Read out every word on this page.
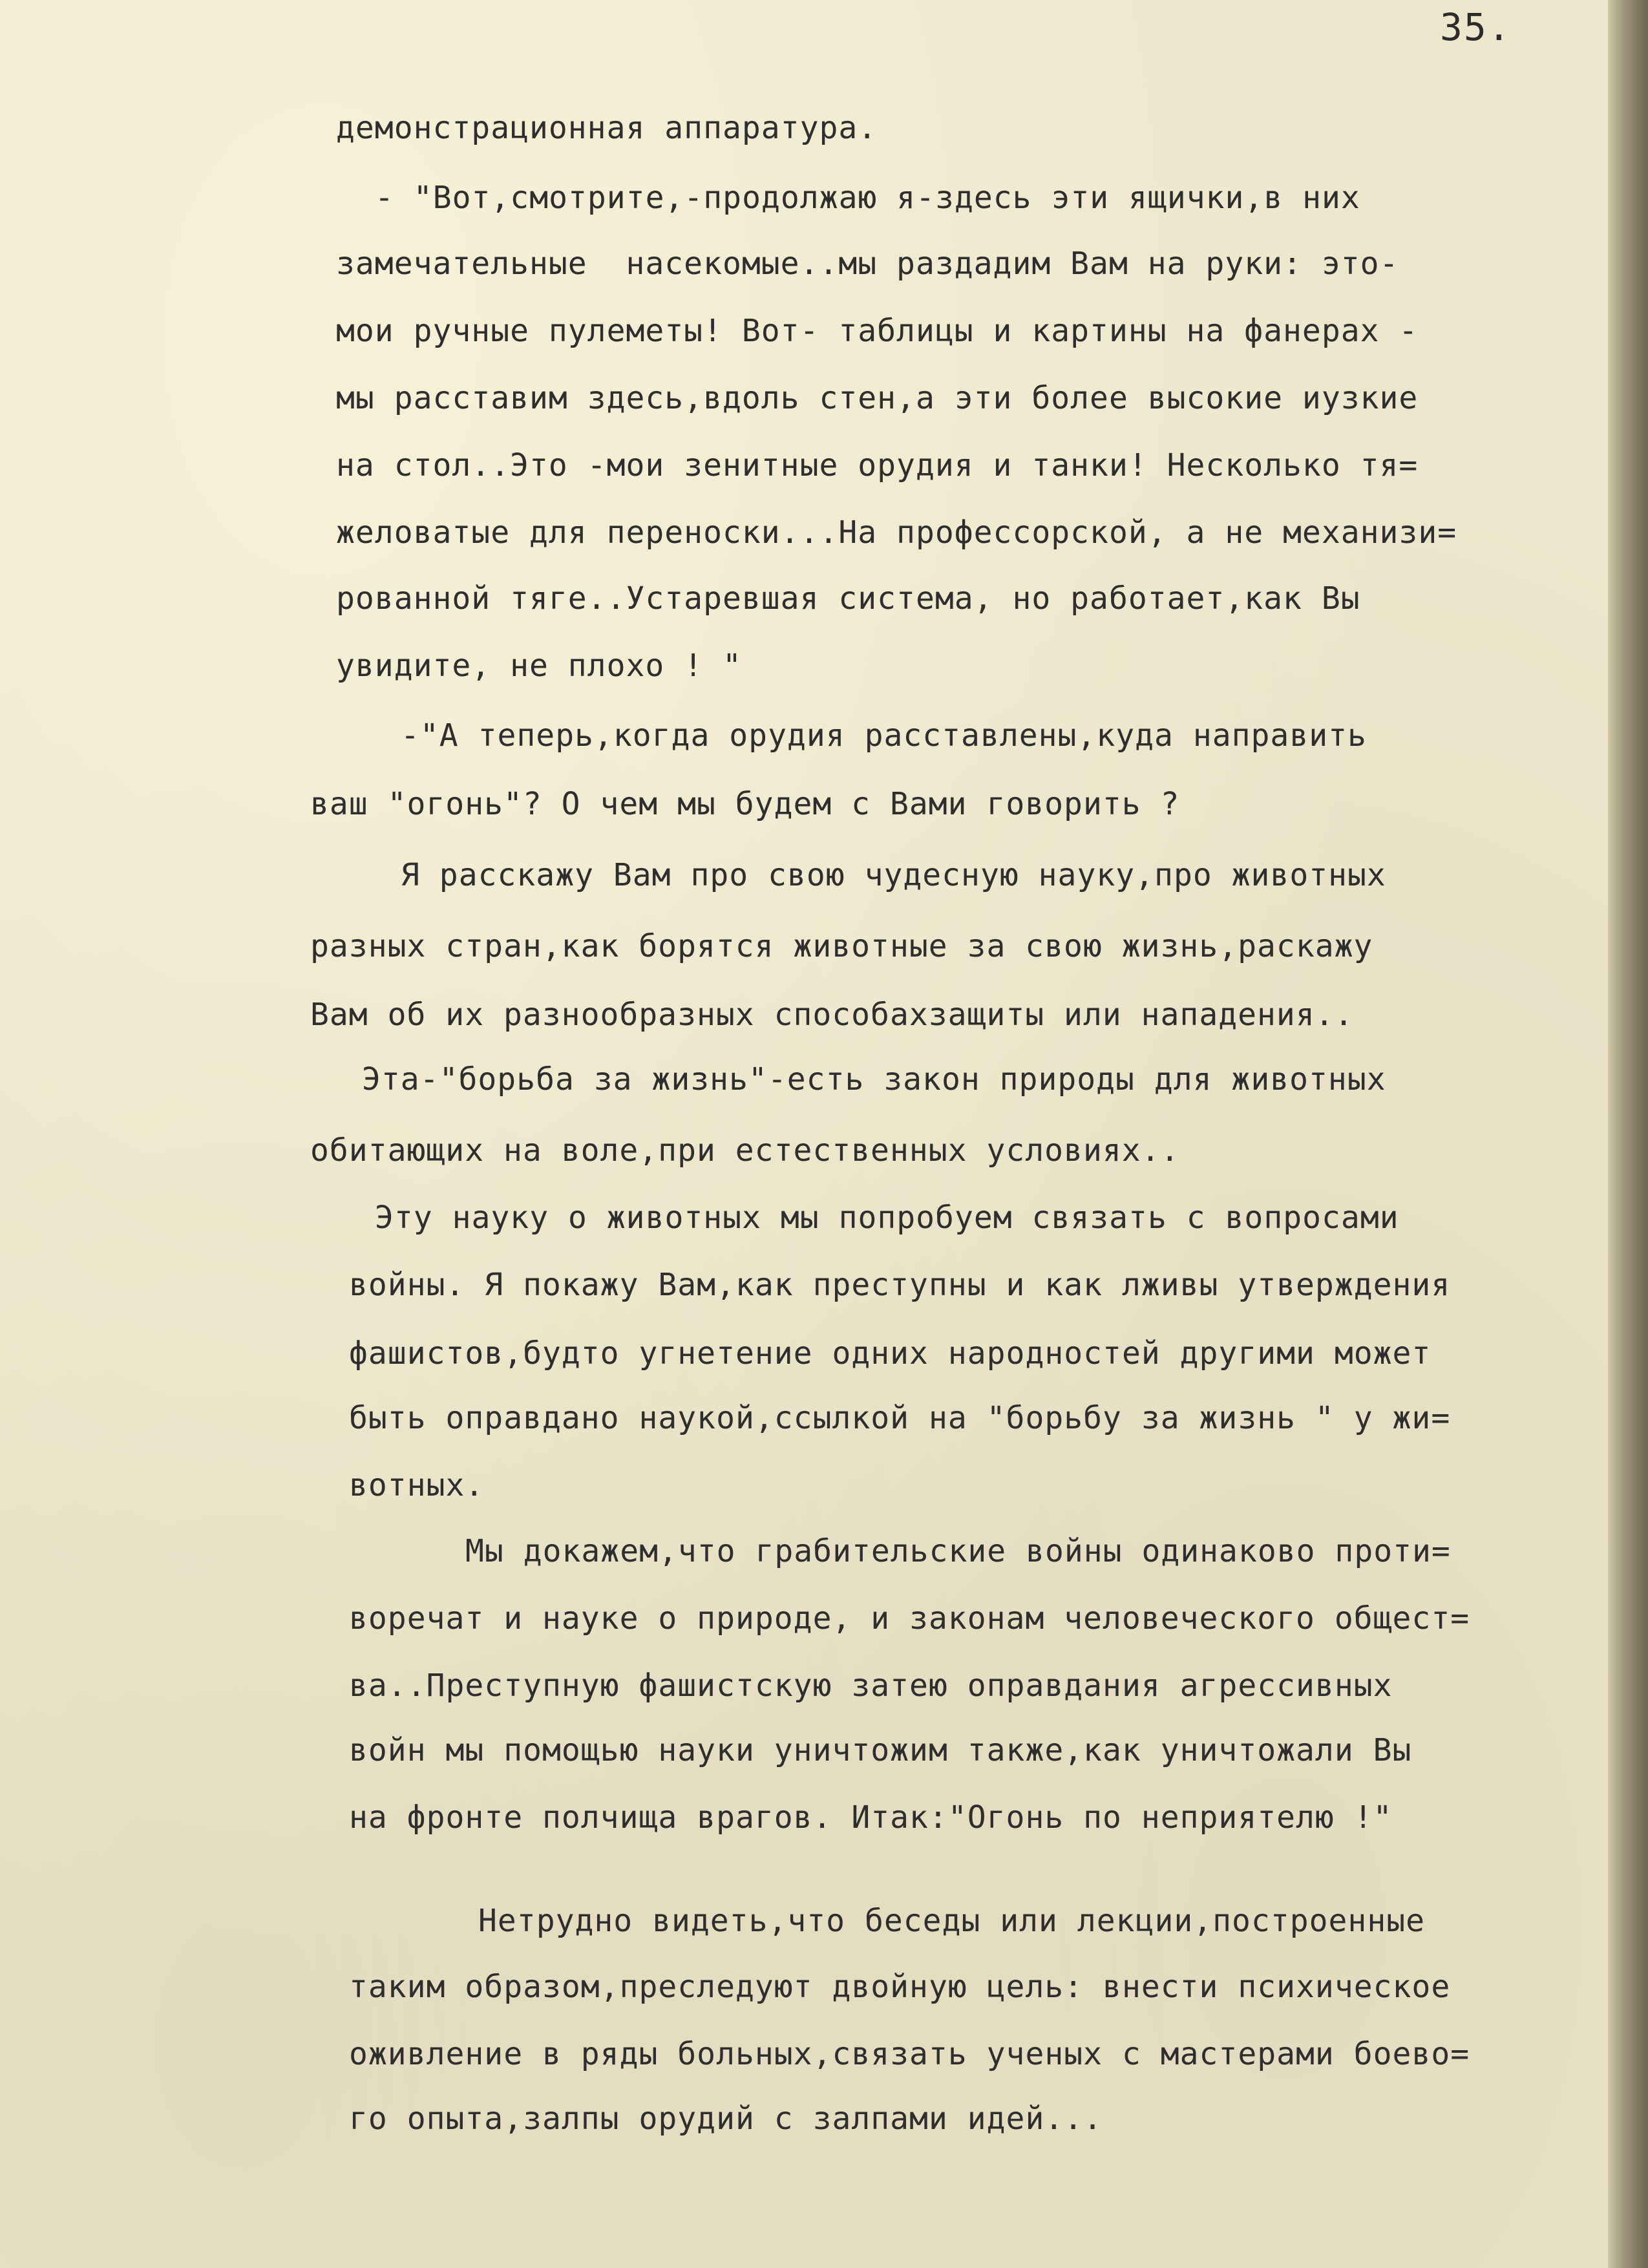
35.
демонстрационная аппаратура.
- "Вот,смотрите,-продолжаю я-здесь эти ящички,в них
замечательные  насекомые..мы раздадим Вам на руки: это-
мои ручные пулеметы! Вот- таблицы и картины на фанерах -
мы расставим здесь,вдоль стен,а эти более высокие иузкие
на стол..Это -мои зенитные орудия и танки! Несколько тя=
желоватые для переноски...На профессорской, а не механизи=
рованной тяге..Устаревшая система, но работает,как Вы
увидите, не плохо ! "
-"А теперь,когда орудия расставлены,куда направить
ваш "огонь"? О чем мы будем с Вами говорить ?
Я расскажу Вам про свою чудесную науку,про животных
разных стран,как борятся животные за свою жизнь,раскажу
Вам об их разнообразных способахзащиты или нападения..
Эта-"борьба за жизнь"-есть закон природы для животных
обитающих на воле,при естественных условиях..
Эту науку о животных мы попробуем связать с вопросами
войны. Я покажу Вам,как преступны и как лживы утверждения
фашистов,будто угнетение одних народностей другими может
быть оправдано наукой,ссылкой на "борьбу за жизнь " у жи=
вотных.
Мы докажем,что грабительские войны одинаково проти=
воречат и науке о природе, и законам человеческого общест=
ва..Преступную фашистскую затею оправдания агрессивных
войн мы помощью науки уничтожим также,как уничтожали Вы
на фронте полчища врагов. Итак:"Огонь по неприятелю !"
Нетрудно видеть,что беседы или лекции,построенные
таким образом,преследуют двойную цель: внести психическое
оживление в ряды больных,связать ученых с мастерами боево=
го опыта,залпы орудий с залпами идей...
